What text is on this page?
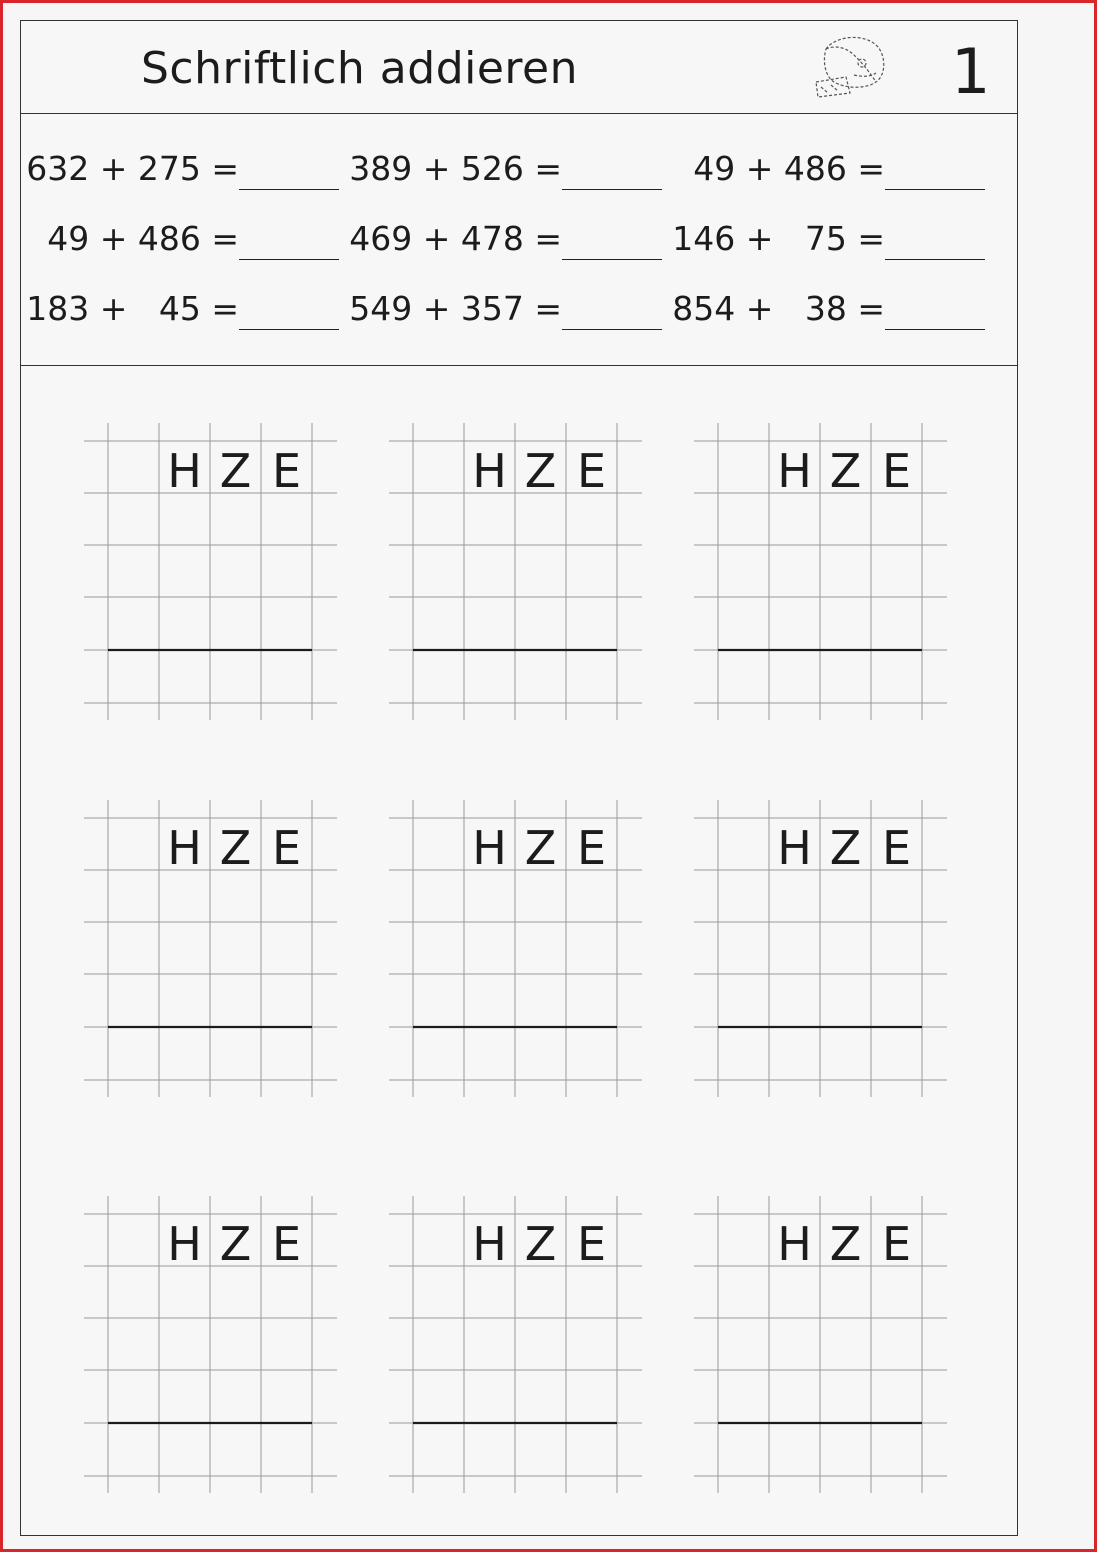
Schriftlich addieren	1
632 + 275 =	389 + 526 =	49 + 486 =
49 + 486 =	469 + 478 =	146 +   75 =
183 +   45 =	549 + 357 =	854 +   38 =
H Z E	H Z E	H Z E
H Z E	H Z E	H Z E
H Z E	H Z E	H Z E
